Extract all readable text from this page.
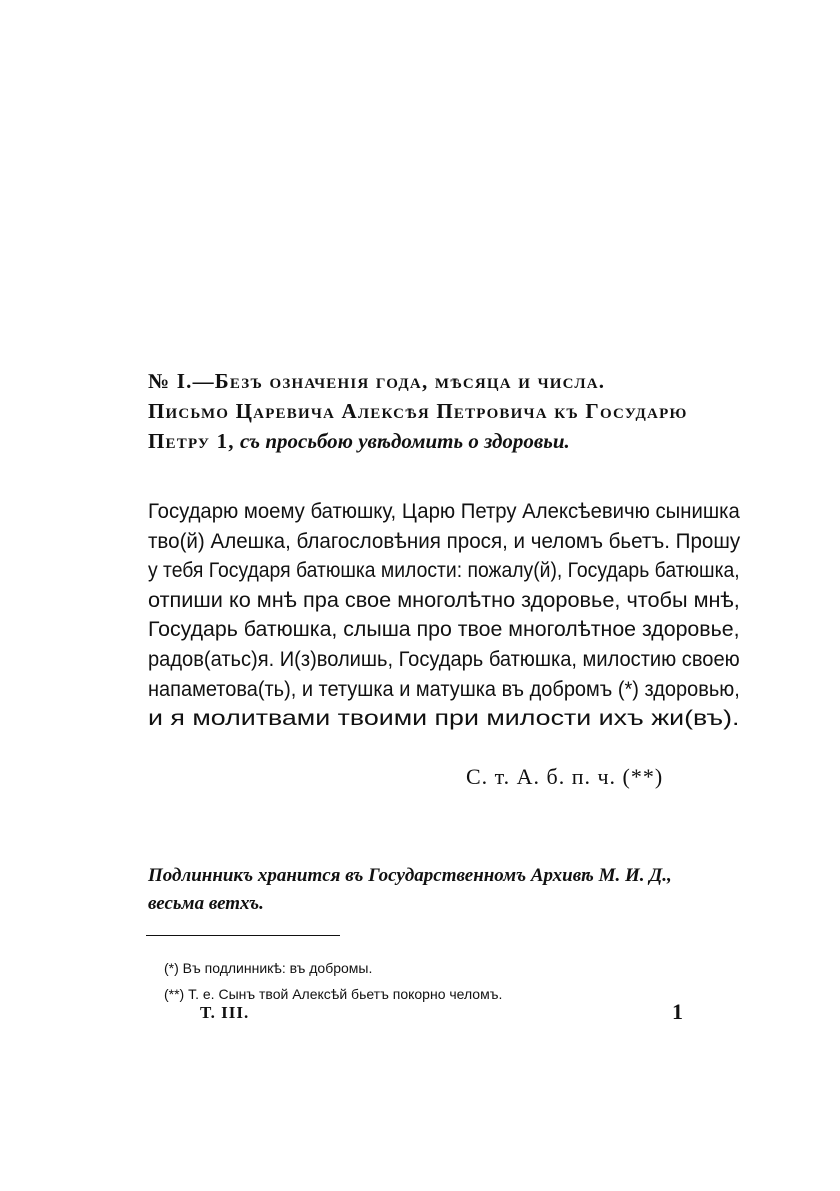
№ I.—Безъ означенія года, мѣсяца и числа.
Письмо Царевича Алексѣя Петровича къ Государю
Петру 1, съ просьбою увѣдомить о здоровьи.
Государю моему батюшку, Царю Петру Алексѣевичю сынишка
тво(й) Алешка, благословѣния прося, и челомъ бьетъ. Прошу
у тебя Государя батюшка милости: пожалу(й), Государь батюшка,
отпиши ко мнѣ пра свое многолѣтно здоровье, чтобы мнѣ,
Государь батюшка, слыша про твое многолѣтное здоровье,
радов(атьс)я. И(з)волишь, Государь батюшка, милостию своею
напаметова(ть), и тетушка и матушка въ добромъ (*) здоровью,
и я молитвами твоими при милости ихъ жи(въ).
С. т. А. б. п. ч. (**)
Подлинникъ хранится въ Государственномъ Архивѣ М. И. Д.,
весьма ветхъ.
(*) Въ подлинникѣ: въ добромы.
(**) Т. е. Сынъ твой Алексѣй бьетъ покорно челомъ.
Т. III.	1
